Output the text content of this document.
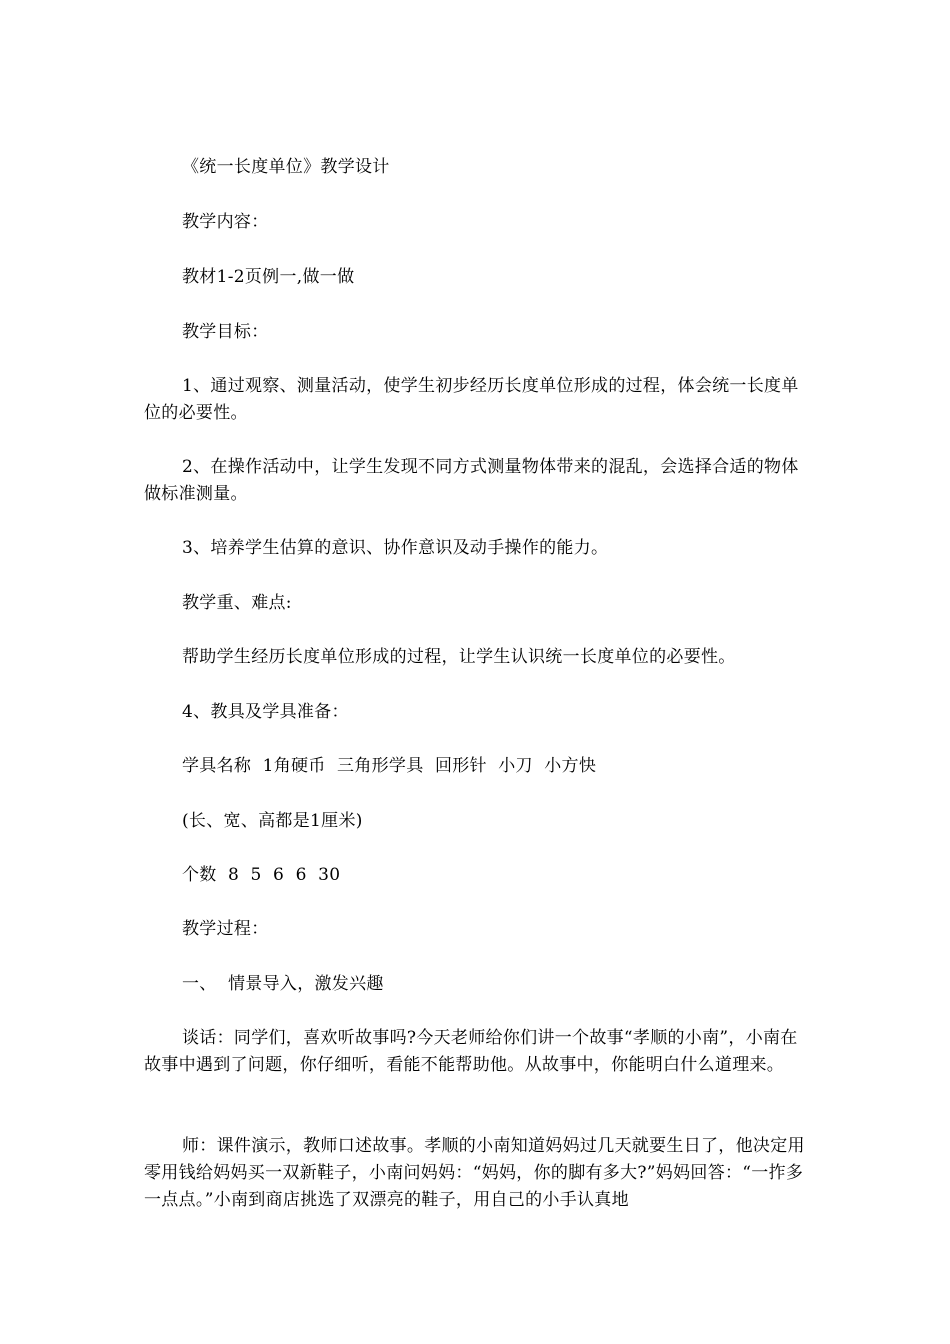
《统一长度单位》教学设计
教学内容：
教材1-2页例一,做一做
教学目标：
1、通过观察、测量活动，使学生初步经历长度单位形成的过程，体会统一长度单位的必要性。
2、在操作活动中，让学生发现不同方式测量物体带来的混乱，会选择合适的物体做标准测量。
3、培养学生估算的意识、协作意识及动手操作的能力。
教学重、难点:
帮助学生经历长度单位形成的过程，让学生认识统一长度单位的必要性。
4、教具及学具准备：
学具名称  1角硬币  三角形学具  回形针  小刀  小方快
(长、宽、高都是1厘米)
个数  8  5  6  6  30
教学过程：
一、  情景导入，激发兴趣
谈话：同学们，喜欢听故事吗?今天老师给你们讲一个故事“孝顺的小南”，小南在故事中遇到了问题，你仔细听，看能不能帮助他。从故事中，你能明白什么道理来。
师：课件演示，教师口述故事。孝顺的小南知道妈妈过几天就要生日了，他决定用零用钱给妈妈买一双新鞋子，小南问妈妈：“妈妈，你的脚有多大?”妈妈回答：“一拃多一点点。”小南到商店挑选了双漂亮的鞋子，用自己的小手认真地
